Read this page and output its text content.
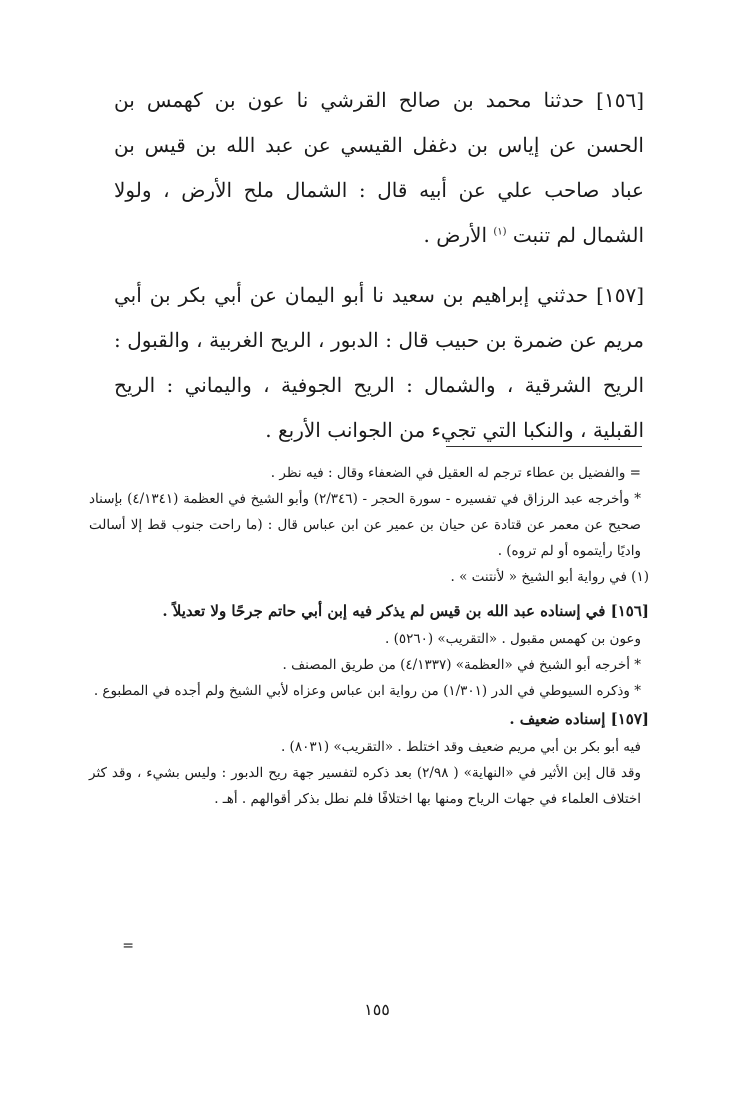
[١٥٦] حدثنا محمد بن صالح القرشي نا عون بن كهمس بن الحسن عن إياس بن دغفل القيسي عن عبد الله بن قيس بن عباد صاحب علي عن أبيه قال : الشمال ملح الأرض ، ولولا الشمال لم تنبت $^{(١)}$ الأرض .

[١٥٧] حدثني إبراهيم بن سعيد نا أبو اليمان عن أبي بكر بن أبي مريم عن ضمرة بن حبيب قال : الدبور ، الريح الغربية ، والقبول : الريح الشرقية ، والشمال : الريح الجوفية ، واليماني : الريح القبلية ، والنكبا التي تجيء من الجوانب الأربع .

= والفضيل بن عطاء ترجم له العقيل في الضعفاء وقال : فيه نظر .

* وأخرجه عبد الرزاق في تفسيره - سورة الحجر - (٢/٣٤٦) وأبو الشيخ في العظمة (٤/١٣٤١) بإسناد صحيح عن معمر عن قتادة عن حيان بن عمير عن ابن عباس قال : (ما راحت جنوب قط إلا أسالت واديًا رأيتموه أو لم تروه) .

(١) في رواية أبو الشيخ « لأنتنت » .

[١٥٦] في إسناده عبد الله بن قيس لم يذكر فيه إبن أبي حاتم جرحًا ولا تعديلاً .

وعون بن كهمس مقبول . «التقريب» (٥٢٦٠) .

* أخرجه أبو الشيخ في «العظمة» (٤/١٣٣٧) من طريق المصنف .

* وذكره السيوطي في الدر (١/٣٠١) من رواية ابن عباس وعزاه لأبي الشيخ ولم أجده في المطبوع .

[١٥٧] إسناده ضعيف .

فيه أبو بكر بن أبي مريم ضعيف وقد اختلط . «التقريب» (٨٠٣١) .

وقد قال إبن الأثير في «النهاية» ( ٢/٩٨) بعد ذكره لتفسير جهة ريح الدبور : وليس بشيء ، وقد كثر اختلاف العلماء في جهات الرياح ومنها بها اختلافًا فلم نطل بذكر أقوالهم . أهـ .

=
١٥٥
